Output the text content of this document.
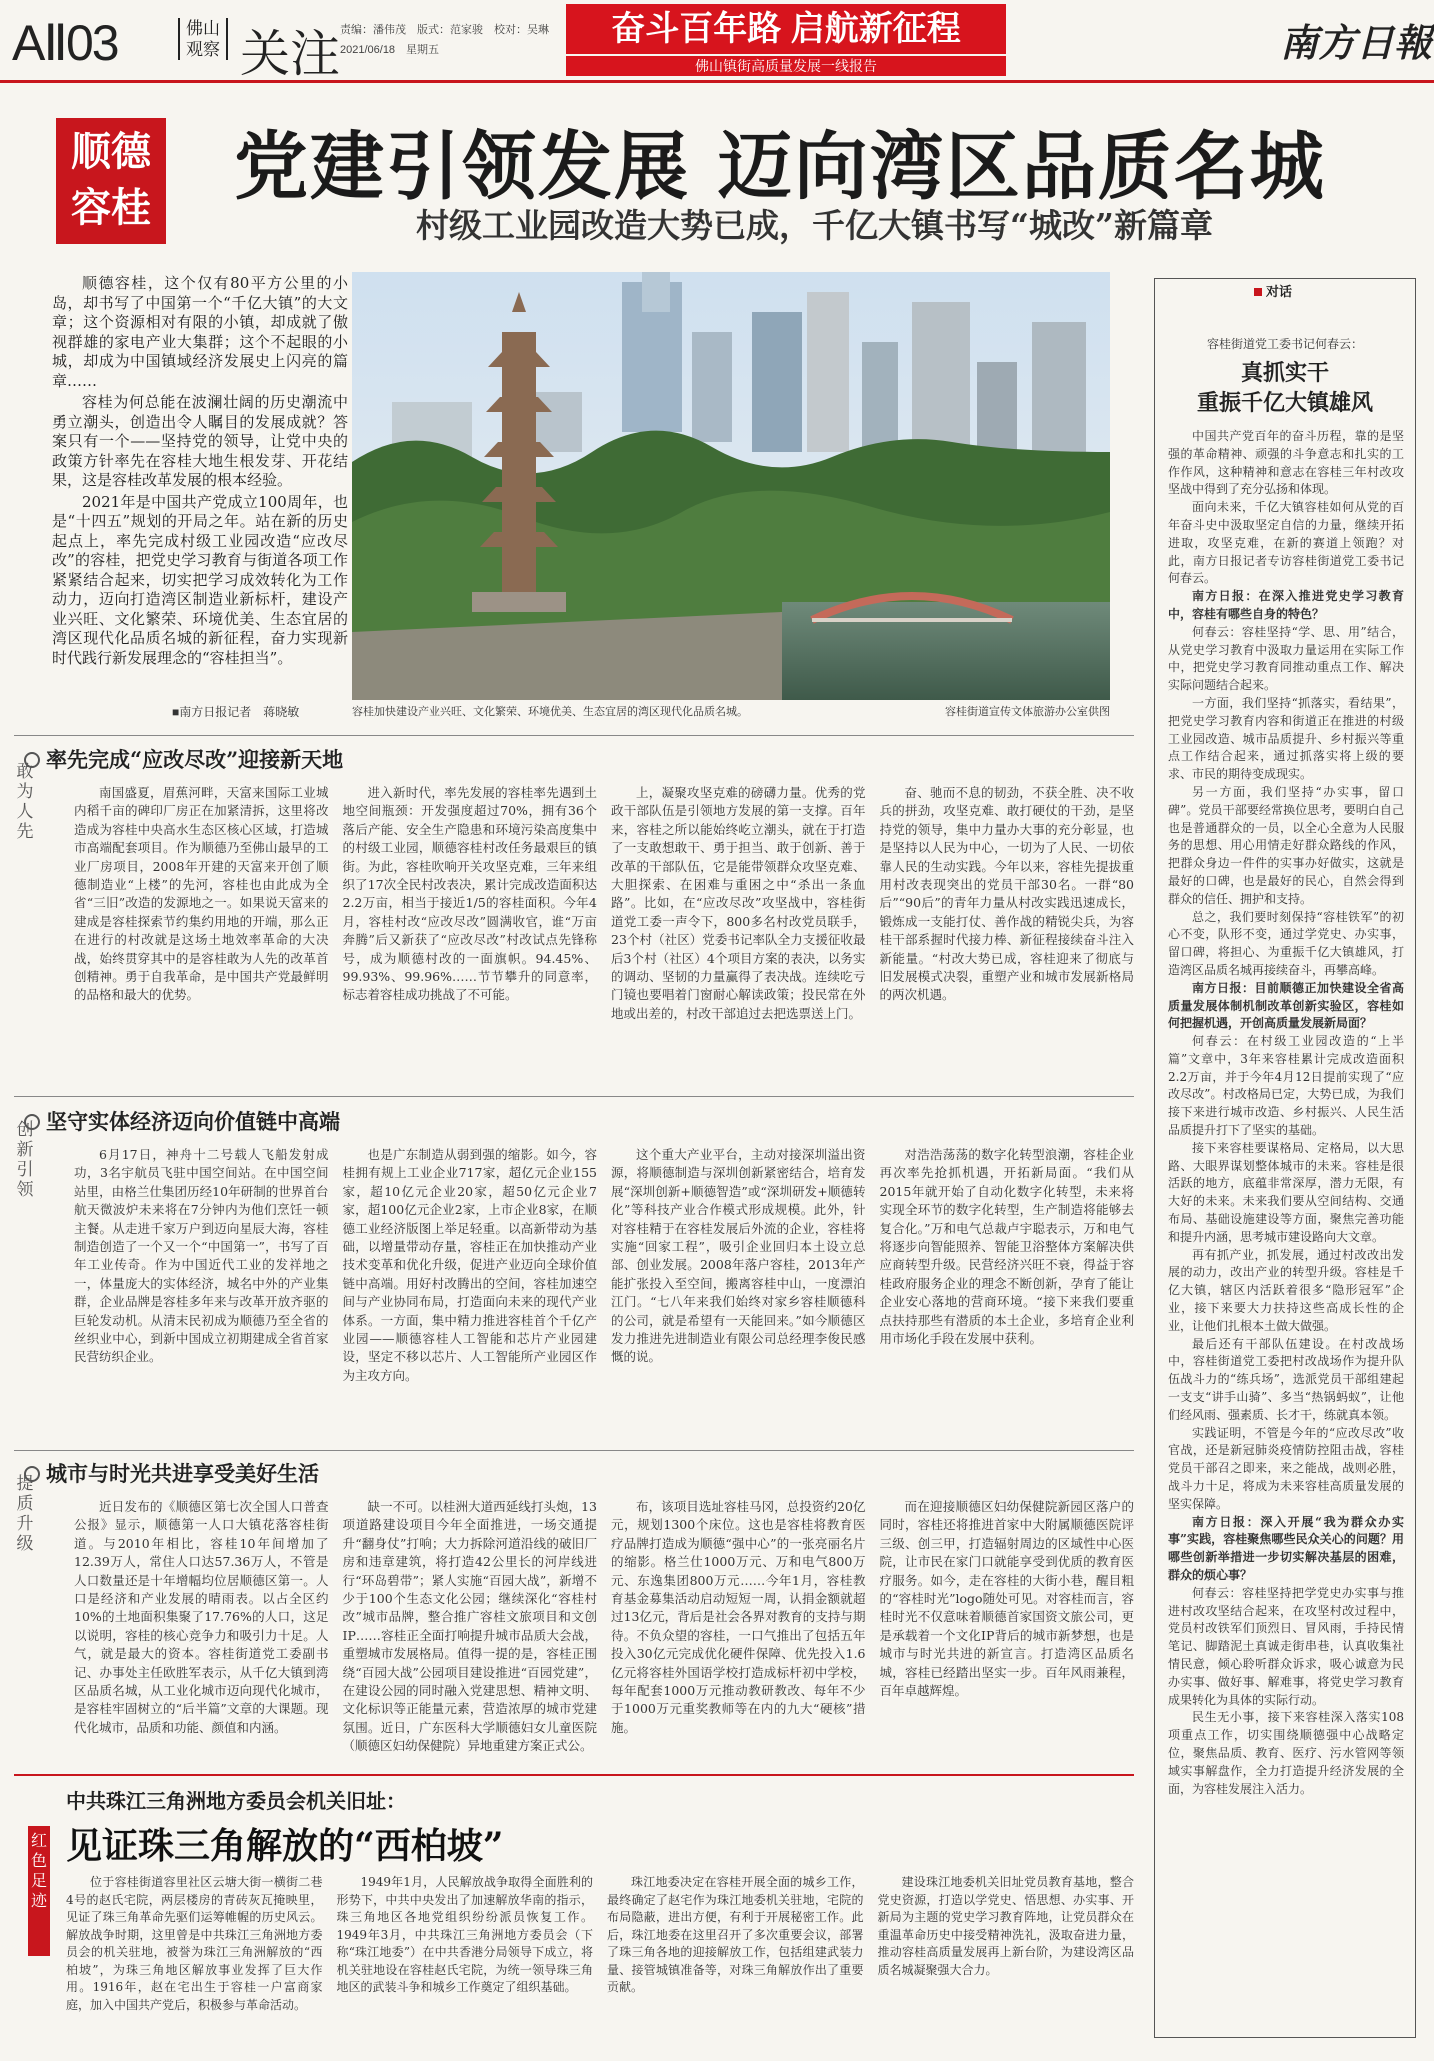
AⅡ03	佛山
观察 关注 责编：潘伟茂　版式：范家骏　校对：吴琳
2021/06/18　星期五
奋斗百年路 启航新征程
佛山镇街高质量发展一线报告
南方日報
顺德
容桂 党建引领发展 迈向湾区品质名城
村级工业园改造大势已成，千亿大镇书写“城改”新篇章

顺德容桂，这个仅有80平方公里的小岛，却书写了中国第一个“千亿大镇”的大文章；这个资源相对有限的小镇，却成就了傲视群雄的家电产业大集群；这个不起眼的小城，却成为中国镇域经济发展史上闪亮的篇章……

容桂为何总能在波澜壮阔的历史潮流中勇立潮头，创造出令人瞩目的发展成就？答案只有一个——坚持党的领导，让党中央的政策方针率先在容桂大地生根发芽、开花结果，这是容桂改革发展的根本经验。

2021年是中国共产党成立100周年，也是“十四五”规划的开局之年。站在新的历史起点上，率先完成村级工业园改造“应改尽改”的容桂，把党史学习教育与街道各项工作紧紧结合起来，切实把学习成效转化为工作动力，迈向打造湾区制造业新标杆，建设产业兴旺、文化繁荣、环境优美、生态宜居的湾区现代化品质名城的新征程，奋力实现新时代践行新发展理念的“容桂担当”。

■南方日报记者　蒋晓敏	容桂加快建设产业兴旺、文化繁荣、环境优美、生态宜居的湾区现代化品质名城。	容桂街道宣传文体旅游办公室供图
敢为人先
率先完成“应改尽改”迎接新天地

南国盛夏，眉蕉河畔，天富来国际工业城内稻千亩的碑印厂房正在加紧清拆，这里将改造成为容桂中央高水生态区核心区域，打造城市高端配套项目。作为顺德乃至佛山最早的工业厂房项目，2008年开建的天富来开创了顺德制造业“上楼”的先河，容桂也由此成为全省“三旧”改造的发源地之一。如果说天富来的建成是容桂探索节约集约用地的开端，那么正在进行的村改就是这场土地效率革命的大决战，始终贯穿其中的是容桂敢为人先的改革首创精神。勇于自我革命，是中国共产党最鲜明的品格和最大的优势。

进入新时代，率先发展的容桂率先遇到土地空间瓶颈：开发强度超过70%，拥有36个落后产能、安全生产隐患和环境污染高度集中的村级工业园，顺德容桂村改任务最艰巨的镇街。为此，容桂吹响开关攻坚克难，三年来组织了17次全民村改表决，累计完成改造面积达2.2万亩，相当于接近1/5的容桂面积。今年4月，容桂村改“应改尽改”圆满收官，谁“万亩奔腾”后又新获了“应改尽改”村改试点先锋称号，成为顺德村改的一面旗帜。94.45%、99.93%、99.96%……节节攀升的同意率，标志着容桂成功挑战了不可能。

上，凝聚攻坚克难的磅礴力量。优秀的党政干部队伍是引领地方发展的第一支撑。百年来，容桂之所以能始终屹立潮头，就在于打造了一支敢想敢干、勇于担当、敢于创新、善于改革的干部队伍，它是能带领群众攻坚克难、大胆探索、在困难与重困之中“杀出一条血路”。比如，在“应改尽改”攻坚战中，容桂街道党工委一声令下，800多名村改党员联手，23个村（社区）党委书记率队全力支援征收最后3个村（社区）4个项目方案的表决，以务实的调动、坚韧的力量赢得了表决战。连续吃亏门镜也要唱着门窗耐心解读政策；投民常在外地或出差的，村改干部追过去把选票送上门。

奋、驰而不息的韧劲，不获全胜、决不收兵的拼劲，攻坚克难、敢打硬仗的干劲，是坚持党的领导，集中力量办大事的充分彰显，也是坚持以人民为中心，一切为了人民、一切依靠人民的生动实践。今年以来，容桂先提拔重用村改表现突出的党员干部30名。一群“80后”“90后”的青年力量从村改实践迅速成长，锻炼成一支能打仗、善作战的精锐尖兵，为容桂干部系握时代接力棒、新征程接续奋斗注入新能量。“村改大势已成，容桂迎来了彻底与旧发展模式决裂，重塑产业和城市发展新格局的两次机遇。

创新引领
坚守实体经济迈向价值链中高端

6月17日，神舟十二号载人飞船发射成功，3名宇航员飞驻中国空间站。在中国空间站里，由格兰仕集团历经10年研制的世界首台航天微波炉未来将在7分钟内为他们烹饪一顿主餐。从走进千家万户到迈向星辰大海，容桂制造创造了一个又一个“中国第一”，书写了百年工业传奇。作为中国近代工业的发祥地之一，体量庞大的实体经济，城名中外的产业集群，企业品牌是容桂多年来与改革开放齐驱的巨轮发动机。从清末民初成为顺德乃至全省的丝织业中心，到新中国成立初期建成全省首家民营纺织企业。

也是广东制造从弱到强的缩影。如今，容桂拥有规上工业企业717家，超亿元企业155家，超10亿元企业20家，超50亿元企业7家，超100亿元企业2家，上市企业8家，在顺德工业经济版图上举足轻重。以高新带动为基础，以增量带动存量，容桂正在加快推动产业技术变革和优化升级，促进产业迈向全球价值链中高端。用好村改腾出的空间，容桂加速空间与产业协同布局，打造面向未来的现代产业体系。一方面，集中精力推进容桂首个千亿产业园——顺德容桂人工智能和芯片产业园建设，坚定不移以芯片、人工智能所产业园区作为主攻方向。

这个重大产业平台，主动对接深圳溢出资源，将顺德制造与深圳创新紧密结合，培育发展“深圳创新+顺德智造”或“深圳研发+顺德转化”等科技产业合作模式形成规模。此外，针对容桂精于在容桂发展后外流的企业，容桂将实施“回家工程”，吸引企业回归本土设立总部、创业发展。2008年落户容桂，2013年产能扩张投入至空间，搬离容桂中山，一度漂泊江门。“七八年来我们始终对家乡容桂顺德科的公司，就是希望有一天能回来。”如今顺德区发力推进先进制造业有限公司总经理李俊民感慨的说。

对浩浩荡荡的数字化转型浪潮，容桂企业再次率先抢抓机遇，开拓新局面。“我们从2015年就开始了自动化数字化转型，未来将实现全环节的数字化转型，生产制造将能够去复合化。”万和电气总裁卢宇聪表示，万和电气将逐步向智能照养、智能卫浴整体方案解决供应商转型升级。民营经济兴旺不衰，得益于容桂政府服务企业的理念不断创新，孕育了能让企业安心落地的营商环境。“接下来我们要重点扶持那些有潜质的本土企业，多培育企业利用市场化手段在发展中获利。

提质升级
城市与时光共进享受美好生活

近日发布的《顺德区第七次全国人口普查公报》显示，顺德第一人口大镇花落容桂街道。与2010年相比，容桂10年间增加了12.39万人，常住人口达57.36万人，不管是人口数量还是十年增幅均位居顺德区第一。人口是经济和产业发展的晴雨表。以占全区约10%的土地面积集聚了17.76%的人口，这足以说明，容桂的核心竞争力和吸引力十足。人气，就是最大的资本。容桂街道党工委副书记、办事处主任欧胜军表示，从千亿大镇到湾区品质名城，从工业化城市迈向现代化城市，是容桂牢固树立的“后半篇”文章的大课题。现代化城市，品质和功能、颜值和内涵。

缺一不可。以桂洲大道西延线打头炮，13项道路建设项目今年全面推进，一场交通提升“翻身仗”打响；大力拆除河道沿线的破旧厂房和违章建筑，将打造42公里长的河岸线进行“环岛碧带”；紧人实施“百园大战”，新增不少于100个生态文化公园；继续深化“容桂村改”城市品牌，整合推广容桂文旅项目和文创IP……容桂正全面打响提升城市品质大会战，重塑城市发展格局。值得一提的是，容桂正围绕“百园大战”公园项目建设推进“百园党建”，在建设公园的同时融入党建思想、精神文明、文化标识等正能量元素，营造浓厚的城市党建氛围。近日，广东医科大学顺德妇女儿童医院（顺德区妇幼保健院）异地重建方案正式公。

布，该项目选址容桂马冈，总投资约20亿元，规划1300个床位。这也是容桂将教育医疗品牌打造成为顺德“强中心”的一张亮丽名片的缩影。格兰仕1000万元、万和电气800万元、东逸集团800万元……今年1月，容桂教育基金募集活动启动短短一周，认捐金额就超过13亿元，背后是社会各界对教育的支持与期待。不负众望的容桂，一口气推出了包括五年投入30亿元完成优化硬件保障、优先投入1.6亿元将容桂外国语学校打造成标杆初中学校，每年配套1000万元推动教研教改、每年不少于1000万元重奖教师等在内的九大“硬核”措施。

而在迎接顺德区妇幼保健院新园区落户的同时，容桂还将推进首家中大附属顺德医院评三级、创三甲，打造辐射周边的区域性中心医院，让市民在家门口就能享受到优质的教育医疗服务。如今，走在容桂的大街小巷，醒目粗的“容桂时光”logo随处可见。对容桂而言，容桂时光不仅意味着顺德首家国资文旅公司，更是承载着一个文化IP背后的城市新梦想，也是城市与时光共进的新宣言。打造湾区品质名城，容桂已经踏出坚实一步。百年风雨兼程，百年卓越辉煌。

红色足迹
中共珠江三角洲地方委员会机关旧址：
见证珠三角解放的“西柏坡”

位于容桂街道容里社区云塘大街一横街二巷4号的赵氏宅院，两层楼房的青砖灰瓦掩映里，见证了珠三角革命先驱们运筹帷幄的历史风云。解放战争时期，这里曾是中共珠江三角洲地方委员会的机关驻地，被誉为珠江三角洲解放的“西柏坡”，为珠三角地区解放事业发挥了巨大作用。1916年，赵在宅出生于容桂一户富商家庭，加入中国共产党后，积极参与革命活动。

1949年1月，人民解放战争取得全面胜利的形势下，中共中央发出了加速解放华南的指示，珠三角地区各地党组织纷纷派员恢复工作。1949年3月，中共珠江三角洲地方委员会（下称“珠江地委”）在中共香港分局领导下成立，将机关驻地设在容桂赵氏宅院，为统一领导珠三角地区的武装斗争和城乡工作奠定了组织基础。

珠江地委决定在容桂开展全面的城乡工作，最终确定了赵宅作为珠江地委机关驻地，宅院的布局隐蔽，进出方便，有利于开展秘密工作。此后，珠江地委在这里召开了多次重要会议，部署了珠三角各地的迎接解放工作，包括组建武装力量、接管城镇准备等，对珠三角解放作出了重要贡献。

建设珠江地委机关旧址党员教育基地，整合党史资源，打造以学党史、悟思想、办实事、开新局为主题的党史学习教育阵地，让党员群众在重温革命历史中接受精神洗礼，汲取奋进力量，推动容桂高质量发展再上新台阶，为建设湾区品质名城凝聚强大合力。

对话
容桂街道党工委书记何春云：
真抓实干
重振千亿大镇雄风

中国共产党百年的奋斗历程，靠的是坚强的革命精神、顽强的斗争意志和扎实的工作作风，这种精神和意志在容桂三年村改攻坚战中得到了充分弘扬和体现。

面向未来，千亿大镇容桂如何从党的百年奋斗史中汲取坚定自信的力量，继续开拓进取，攻坚克难，在新的赛道上领跑？对此，南方日报记者专访容桂街道党工委书记何春云。

南方日报：在深入推进党史学习教育中，容桂有哪些自身的特色？

何春云：容桂坚持“学、思、用”结合，从党史学习教育中汲取力量运用在实际工作中，把党史学习教育同推动重点工作、解决实际问题结合起来。

一方面，我们坚持“抓落实，看结果”，把党史学习教育内容和街道正在推进的村级工业园改造、城市品质提升、乡村振兴等重点工作结合起来，通过抓落实将上级的要求、市民的期待变成现实。

另一方面，我们坚持“办实事，留口碑”。党员干部要经常换位思考，要明白自己也是普通群众的一员，以全心全意为人民服务的思想、用心用情走好群众路线的作风，把群众身边一件件的实事办好做实，这就是最好的口碑，也是最好的民心，自然会得到群众的信任、拥护和支持。

总之，我们要时刻保持“容桂铁军”的初心不变，队形不变，通过学党史、办实事，留口碑，将担心、为重振千亿大镇雄风，打造湾区品质名城再接续奋斗，再攀高峰。

南方日报：目前顺德正加快建设全省高质量发展体制机制改革创新实验区，容桂如何把握机遇，开创高质量发展新局面？

何春云：在村级工业园改造的“上半篇”文章中，3年来容桂累计完成改造面积2.2万亩，并于今年4月12日提前实现了“应改尽改”。村改格局已定，大势已成，为我们接下来进行城市改造、乡村振兴、人民生活品质提升打下了坚实的基础。

接下来容桂要谋格局、定格局，以大思路、大眼界谋划整体城市的未来。容桂是很活跃的地方，底蕴非常深厚，潜力无限，有大好的未来。未来我们要从空间结构、交通布局、基础设施建设等方面，聚焦完善功能和提升内涵，思考城市建设路向大文章。

再有抓产业，抓发展，通过村改改出发展的动力，改出产业的转型升级。容桂是千亿大镇，辖区内活跃着很多“隐形冠军”企业，接下来要大力扶持这些高成长性的企业，让他们扎根本土做大做强。

最后还有干部队伍建设。在村改战场中，容桂街道党工委把村改战场作为提升队伍战斗力的“练兵场”，选派党员干部组建起一支支“讲手山骑”、多当“热锅蚂蚁”，让他们经风雨、强素质、长才干，练就真本领。

实践证明，不管是今年的“应改尽改”收官战，还是新冠肺炎疫情防控阻击战，容桂党员干部召之即来，来之能战，战则必胜，战斗力十足，将成为未来容桂高质量发展的坚实保障。

南方日报：深入开展“我为群众办实事”实践，容桂聚焦哪些民众关心的问题？用哪些创新举措进一步切实解决基层的困难，群众的烦心事？

何春云：容桂坚持把学党史办实事与推进村改攻坚结合起来，在攻坚村改过程中，党员村改铁军们顶烈日、冒风雨，手持民情笔记、脚踏泥土真诚走街串巷，认真收集社情民意，倾心聆听群众诉求，吸心诚意为民办实事、做好事、解难事，将党史学习教育成果转化为具体的实际行动。

民生无小事，接下来容桂深入落实108项重点工作，切实围绕顺德强中心战略定位，聚焦品质、教育、医疗、污水管网等领域实事解盘作，全力打造提升经济发展的全面，为容桂发展注入活力。
